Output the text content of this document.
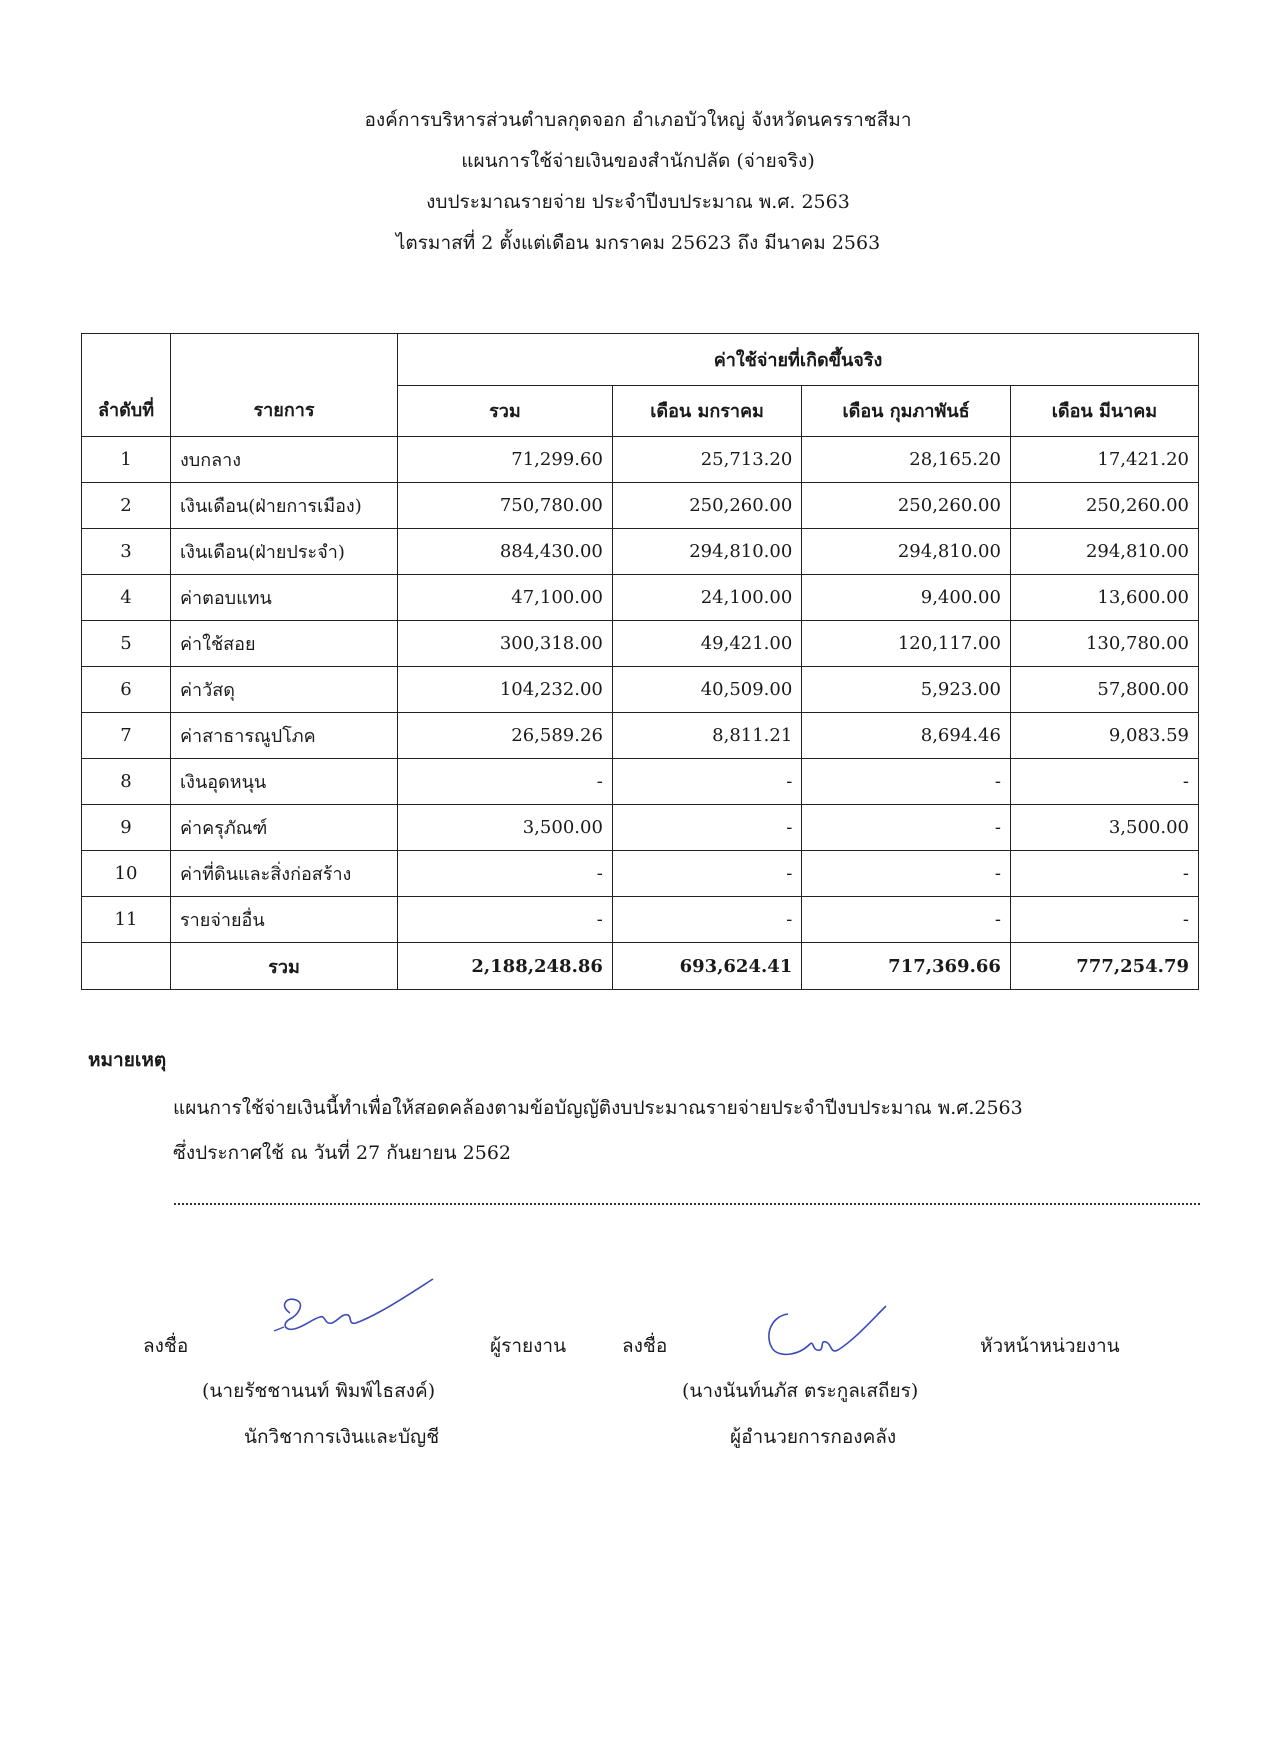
องค์การบริหารส่วนตำบลกุดจอก อำเภอบัวใหญ่ จังหวัดนครราชสีมา
แผนการใช้จ่ายเงินของสำนักปลัด (จ่ายจริง)
งบประมาณรายจ่าย ประจำปีงบประมาณ พ.ศ. 2563
ไตรมาสที่ 2 ตั้งแต่เดือน มกราคม 25623 ถึง มีนาคม 2563
ลำดับที่	รายการ	ค่าใช้จ่ายที่เกิดขึ้นจริง			
		รวม	เดือน มกราคม	เดือน กุมภาพันธ์	เดือน มีนาคม
1	งบกลาง	71,299.60	25,713.20	28,165.20	17,421.20
2	เงินเดือน(ฝ่ายการเมือง)	750,780.00	250,260.00	250,260.00	250,260.00
3	เงินเดือน(ฝ่ายประจำ)	884,430.00	294,810.00	294,810.00	294,810.00
4	ค่าตอบแทน	47,100.00	24,100.00	9,400.00	13,600.00
5	ค่าใช้สอย	300,318.00	49,421.00	120,117.00	130,780.00
6	ค่าวัสดุ	104,232.00	40,509.00	5,923.00	57,800.00
7	ค่าสาธารณูปโภค	26,589.26	8,811.21	8,694.46	9,083.59
8	เงินอุดหนุน	-	-	-	-
9	ค่าครุภัณฑ์	3,500.00	-	-	3,500.00
10	ค่าที่ดินและสิ่งก่อสร้าง	-	-	-	-
11	รายจ่ายอื่น	-	-	-	-
	รวม	2,188,248.86	693,624.41	717,369.66	777,254.79
หมายเหตุ
แผนการใช้จ่ายเงินนี้ทำเพื่อให้สอดคล้องตามข้อบัญญัติงบประมาณรายจ่ายประจำปีงบประมาณ พ.ศ.2563
ซึ่งประกาศใช้ ณ วันที่ 27 กันยายน 2562
ลงชื่อ	ผู้รายงาน
(นายรัชชานนท์ พิมพ์ไธสงค์)
นักวิชาการเงินและบัญชี
ลงชื่อ	หัวหน้าหน่วยงาน
(นางนันท์นภัส ตระกูลเสถียร)
ผู้อำนวยการกองคลัง
